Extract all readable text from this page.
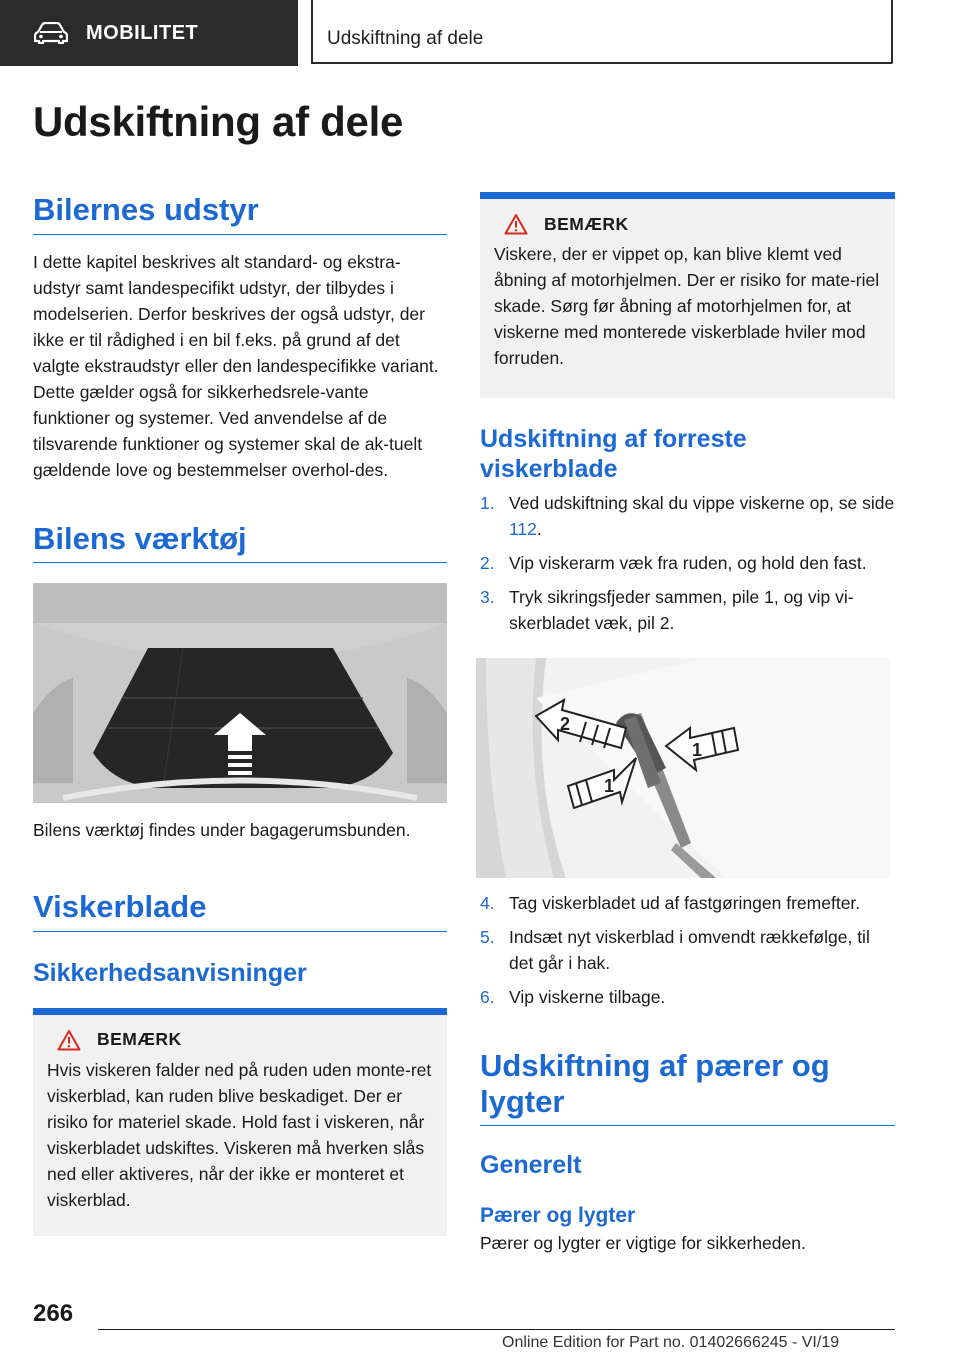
MOBILITET	Udskiftning af dele
Udskiftning af dele
Bilernes udstyr

I dette kapitel beskrives alt standard- og ekstra-udstyr samt landespecifikt udstyr, der tilbydes i modelserien. Derfor beskrives der også udstyr, der ikke er til rådighed i en bil f.eks. på grund af det valgte ekstraudstyr eller den landespecifikke variant. Dette gælder også for sikkerhedsrele-vante funktioner og systemer. Ved anvendelse af de tilsvarende funktioner og systemer skal de ak-tuelt gældende love og bestemmelser overhol-des.

Bilens værktøj

Bilens værktøj findes under bagagerumsbunden.

Viskerblade
Sikkerhedsanvisninger
BEMÆRK

Hvis viskeren falder ned på ruden uden monte-ret viskerblad, kan ruden blive beskadiget. Der er risiko for materiel skade. Hold fast i viskeren, når viskerbladet udskiftes. Viskeren må hverken slås ned eller aktiveres, når der ikke er monteret et viskerblad.

BEMÆRK

Viskere, der er vippet op, kan blive klemt ved åbning af motorhjelmen. Der er risiko for mate-riel skade. Sørg før åbning af motorhjelmen for, at viskerne med monterede viskerblade hviler mod forruden.

Udskiftning af forreste viskerblade
1. Ved udskiftning skal du vippe viskerne op, se side 112.
2. Vip viskerarm væk fra ruden, og hold den fast.
3. Tryk sikringsfjeder sammen, pile 1, og vip vi-skerbladet væk, pil 2.
2
1
1
4. Tag viskerbladet ud af fastgøringen fremefter.
5. Indsæt nyt viskerblad i omvendt rækkefølge, til det går i hak.
6. Vip viskerne tilbage.
Udskiftning af pærer og lygter
Generelt
Pærer og lygter

Pærer og lygter er vigtige for sikkerheden.

266
Online Edition for Part no. 01402666245 - VI/19
